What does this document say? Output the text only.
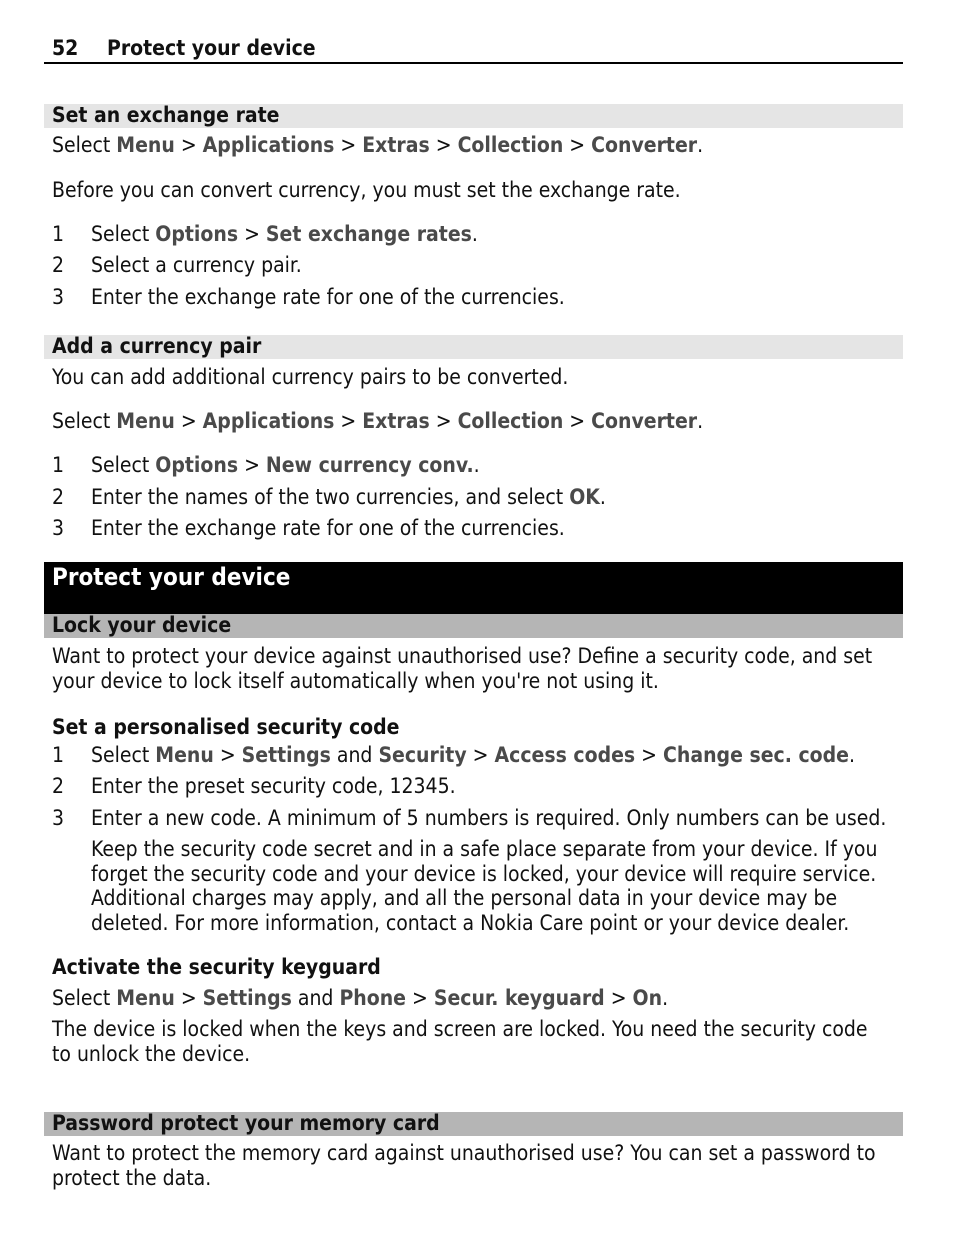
52 Protect your device
Set an exchange rate
Select Menu > Applications > Extras > Collection > Converter.
Before you can convert currency, you must set the exchange rate.
1 Select Options > Set exchange rates.
2 Select a currency pair.
3 Enter the exchange rate for one of the currencies.
Add a currency pair
You can add additional currency pairs to be converted.
Select Menu > Applications > Extras > Collection > Converter.
1 Select Options > New currency conv..
2 Enter the names of the two currencies, and select OK.
3 Enter the exchange rate for one of the currencies.
Protect your device
Lock your device
Want to protect your device against unauthorised use? Define a security code, and set
your device to lock itself automatically when you're not using it.
Set a personalised security code
1 Select Menu > Settings and Security > Access codes > Change sec. code.
2 Enter the preset security code, 12345.
3 Enter a new code. A minimum of 5 numbers is required. Only numbers can be used.
Keep the security code secret and in a safe place separate from your device. If you
forget the security code and your device is locked, your device will require service.
Additional charges may apply, and all the personal data in your device may be
deleted. For more information, contact a Nokia Care point or your device dealer.
Activate the security keyguard
Select Menu > Settings and Phone > Secur. keyguard > On.
The device is locked when the keys and screen are locked. You need the security code
to unlock the device.
Password protect your memory card
Want to protect the memory card against unauthorised use? You can set a password to
protect the data.
